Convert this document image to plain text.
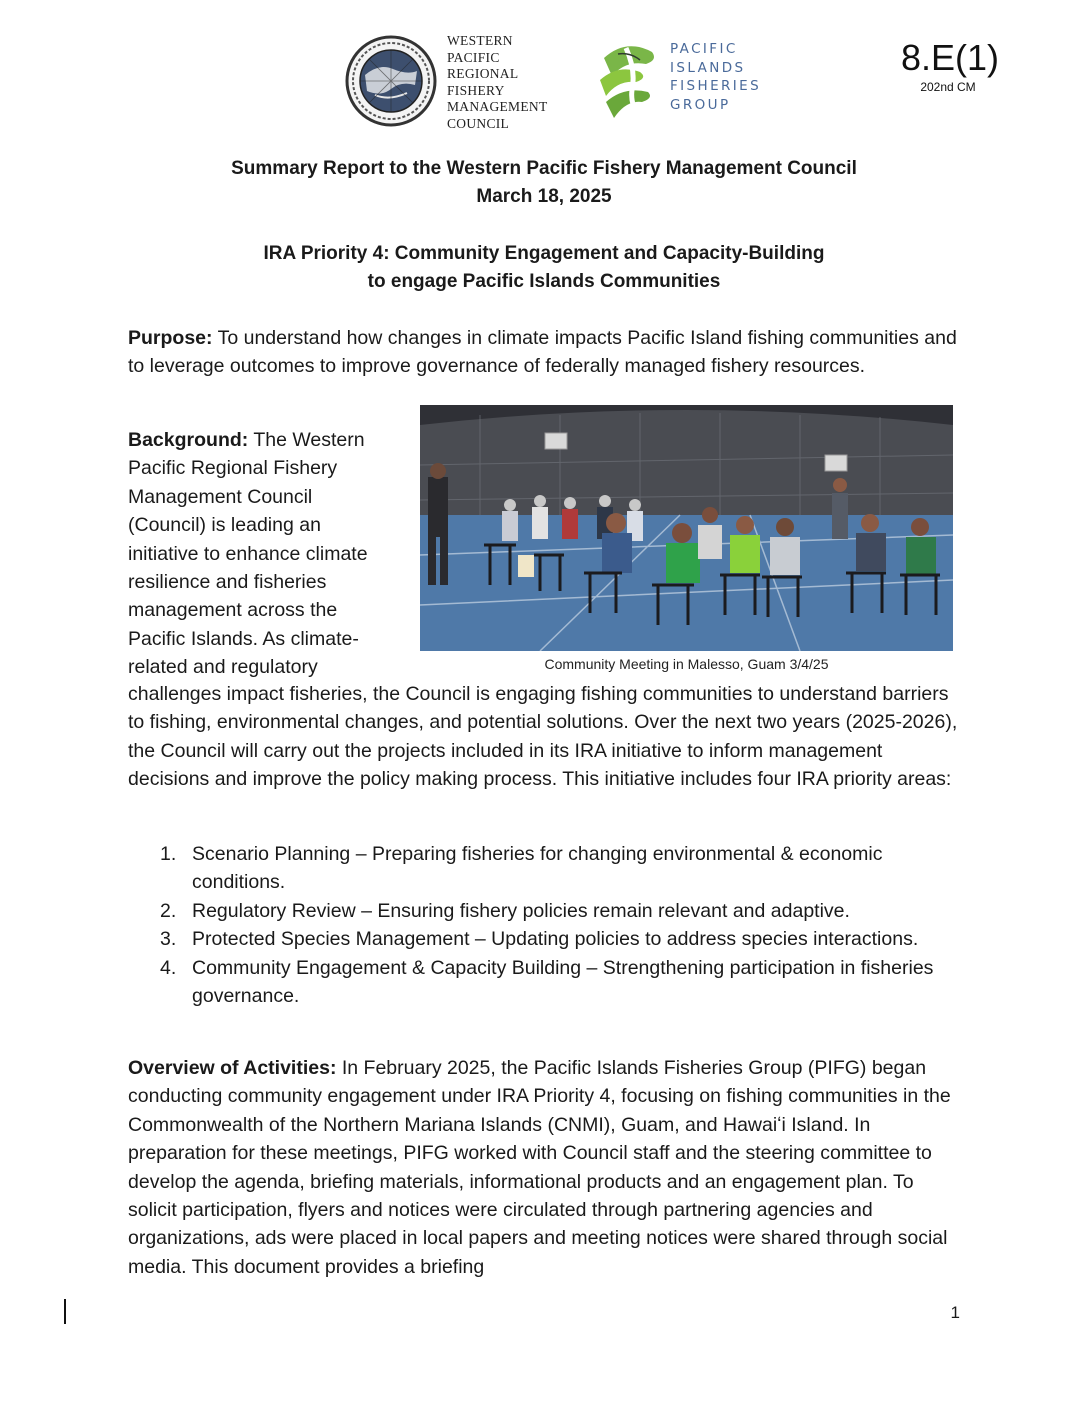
WESTERN
PACIFIC
REGIONAL
FISHERY
MANAGEMENT
COUNCIL
PACIFIC
ISLANDS
FISHERIES
GROUP
8.E(1)
202nd CM
Summary Report to the Western Pacific Fishery Management Council
March 18, 2025
IRA Priority 4: Community Engagement and Capacity-Building
to engage Pacific Islands Communities
Purpose: To understand how changes in climate impacts Pacific Island fishing communities and to leverage outcomes to improve governance of federally managed fishery resources.
Background: The Western
Pacific Regional Fishery
Management Council
(Council) is leading an
initiative to enhance climate
resilience and fisheries
management across the
Pacific Islands. As climate-
related and regulatory	Community Meeting in Malesso, Guam 3/4/25
challenges impact fisheries, the Council is engaging fishing communities to understand barriers to fishing, environmental changes, and potential solutions. Over the next two years (2025-2026), the Council will carry out the projects included in its IRA initiative to inform management decisions and improve the policy making process. This initiative includes four IRA priority areas:
1. Scenario Planning – Preparing fisheries for changing environmental & economic conditions.
2. Regulatory Review – Ensuring fishery policies remain relevant and adaptive.
3. Protected Species Management – Updating policies to address species interactions.
4. Community Engagement & Capacity Building – Strengthening participation in fisheries governance.
Overview of Activities: In February 2025, the Pacific Islands Fisheries Group (PIFG) began conducting community engagement under IRA Priority 4, focusing on fishing communities in the Commonwealth of the Northern Mariana Islands (CNMI), Guam, and Hawaiʻi Island. In preparation for these meetings, PIFG worked with Council staff and the steering committee to develop the agenda, briefing materials, informational products and an engagement plan. To solicit participation, flyers and notices were circulated through partnering agencies and organizations, ads were placed in local papers and meeting notices were shared through social media. This document provides a briefing
1
